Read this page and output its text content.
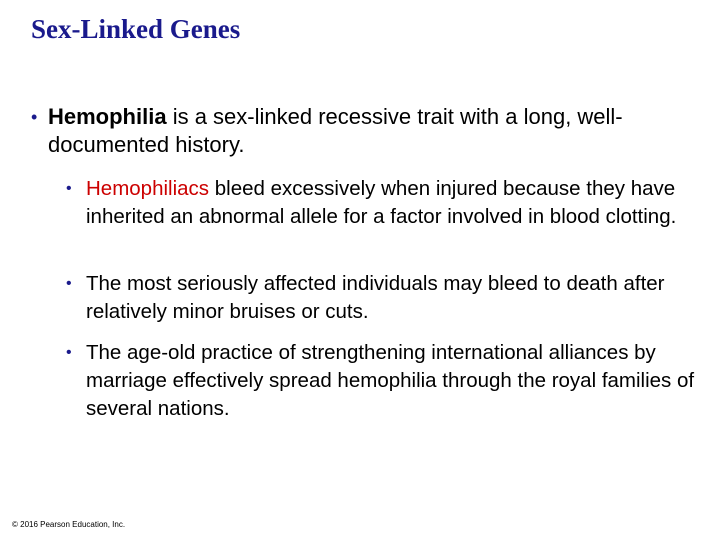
Sex-Linked Genes
• Hemophilia is a sex-linked recessive trait with a long, well-documented history.
• Hemophiliacs bleed excessively when injured because they have inherited an abnormal allele for a factor involved in blood clotting.
• The most seriously affected individuals may bleed to death after relatively minor bruises or cuts.
• The age-old practice of strengthening international alliances by marriage effectively spread hemophilia through the royal families of several nations.
© 2016 Pearson Education, Inc.
